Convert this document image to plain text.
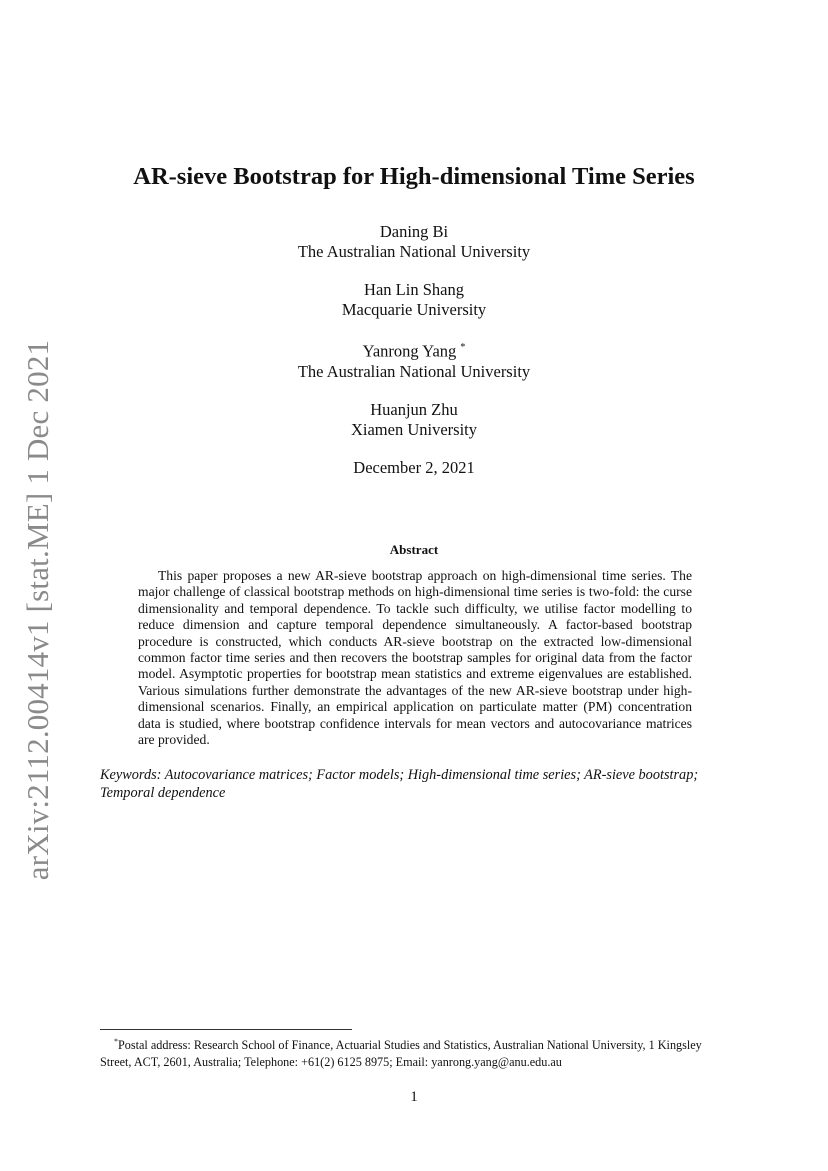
arXiv:2112.00414v1 [stat.ME] 1 Dec 2021
AR-sieve Bootstrap for High-dimensional Time Series
Daning Bi
The Australian National University
Han Lin Shang
Macquarie University
Yanrong Yang *
The Australian National University
Huanjun Zhu
Xiamen University
December 2, 2021
Abstract
This paper proposes a new AR-sieve bootstrap approach on high-dimensional time series. The major challenge of classical bootstrap methods on high-dimensional time series is two-fold: the curse dimensionality and temporal dependence. To tackle such difficulty, we utilise factor modelling to reduce dimension and capture temporal dependence simultaneously. A factor-based bootstrap procedure is constructed, which conducts AR-sieve bootstrap on the extracted low-dimensional common factor time series and then recovers the bootstrap samples for original data from the factor model. Asymptotic properties for bootstrap mean statistics and extreme eigenvalues are established. Various simulations further demonstrate the advantages of the new AR-sieve bootstrap under high-dimensional scenarios. Finally, an empirical application on particulate matter (PM) concentration data is studied, where bootstrap confidence intervals for mean vectors and autocovariance matrices are provided.
Keywords: Autocovariance matrices; Factor models; High-dimensional time series; AR-sieve bootstrap; Temporal dependence
*Postal address: Research School of Finance, Actuarial Studies and Statistics, Australian National University, 1 Kingsley Street, ACT, 2601, Australia; Telephone: +61(2) 6125 8975; Email: yanrong.yang@anu.edu.au
1
